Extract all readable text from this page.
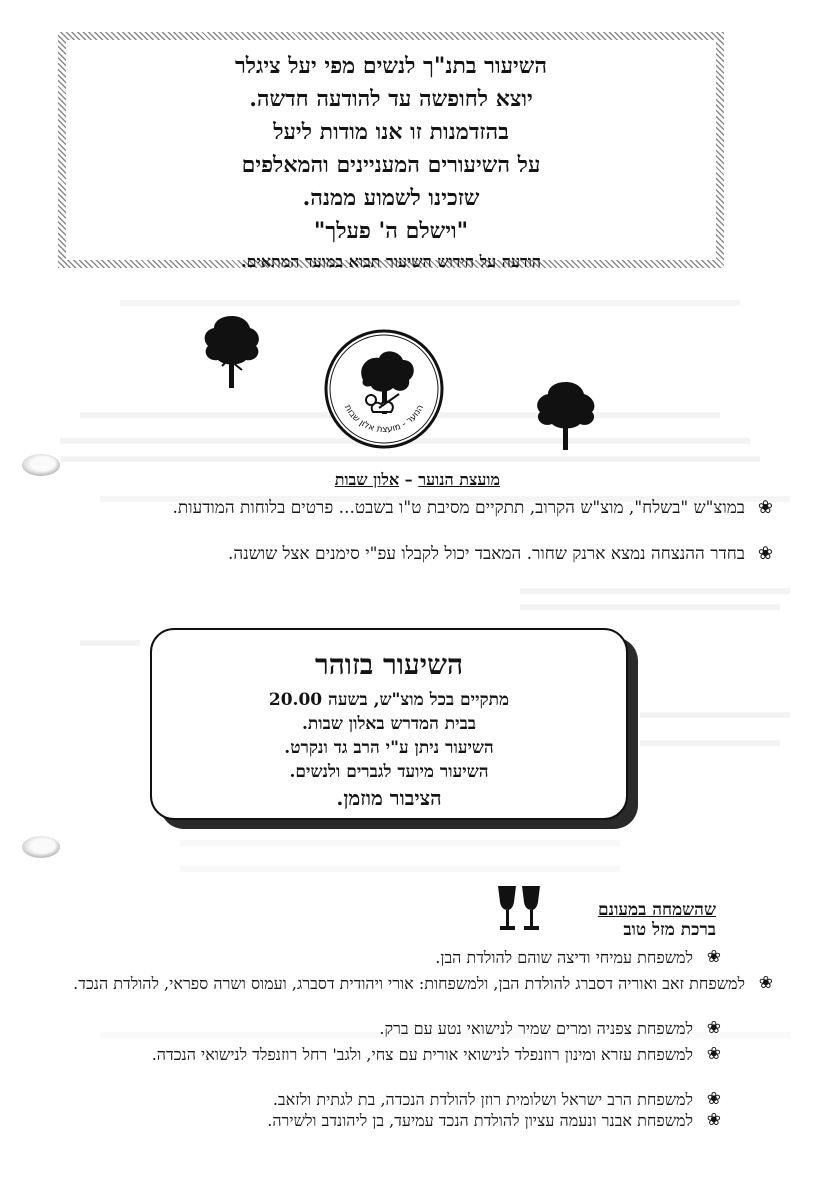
השיעור בתנ"ך לנשים מפי יעל ציגלר
יוצא לחופשה עד להודעה חדשה.
בהזדמנות זו אנו מודות ליעל
על השיעורים המעניינים והמאלפים
שזכינו לשמוע ממנה.
"וישלם ה' פעלך"
הודעה על חידוש השיעור תבוא במועד המתאים.
הנוער - מועצת אלון שבות
מועצת הנוער – אלון שבות
❀
במוצ"ש "בשלח", מוצ"ש הקרוב, תתקיים מסיבת ט"ו בשבט... פרטים בלוחות המודעות.
❀
בחדר ההנצחה נמצא ארנק שחור. המאבד יכול לקבלו עפ"י סימנים אצל שושנה.
השיעור בזוהר
מתקיים בכל מוצ"ש, בשעה 20.00
בבית המדרש באלון שבות.
השיעור ניתן ע"י הרב גד ונקרט.
השיעור מיועד לגברים ולנשים.
הציבור מוזמן.
שהשמחה במעונם
ברכת מזל טוב
❀
למשפחת עמיחי ודיצה שוהם להולדת הבן.
❀
למשפחת זאב ואוריה דסברג להולדת הבן, ולמשפחות: אורי ויהודית דסברג, ועמוס ושרה ספראי, להולדת הנכד.
❀
למשפחת צפניה ומרים שמיר לנישואי נטע עם ברק.
❀
למשפחת עזרא ומינון רוזנפלד לנישואי אורית עם צחי, ולגב' רחל רוזנפלד לנישואי הנכדה.
❀
למשפחת הרב ישראל ושלומית רוזן להולדת הנכדה, בת לגתית ולזאב.
❀
למשפחת אבנר ונעמה עציון להולדת הנכד עמיעד, בן ליהונדב ולשירה.
